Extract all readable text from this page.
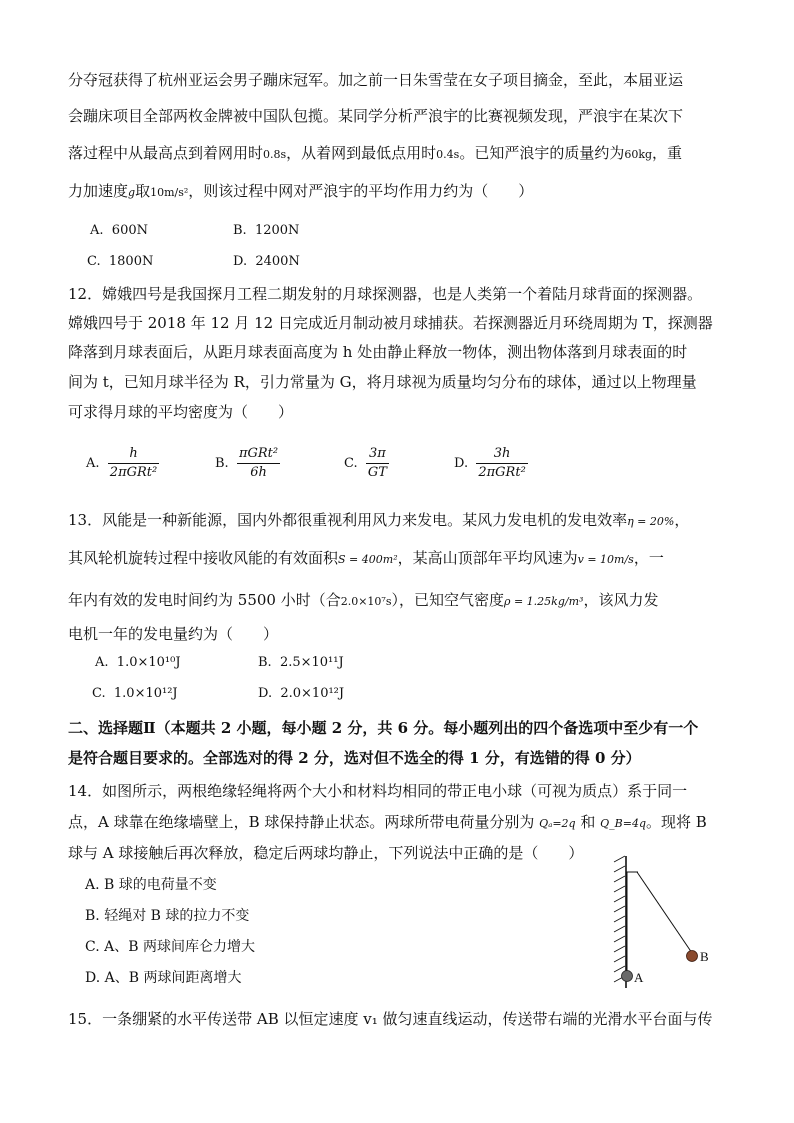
分夺冠获得了杭州亚运会男子蹦床冠军。加之前一日朱雪莹在女子项目摘金，至此，本届亚运
会蹦床项目全部两枚金牌被中国队包揽。某同学分析严浪宇的比赛视频发现，严浪宇在某次下
落过程中从最高点到着网用时0.8s，从着网到最低点用时0.4s。已知严浪宇的质量约为60kg，重
力加速度g取10m/s²，则该过程中网对严浪宇的平均作用力约为（　　）
A. 600N	B. 1200N
C. 1800N	D. 2400N
12．嫦娥四号是我国探月工程二期发射的月球探测器，也是人类第一个着陆月球背面的探测器。
嫦娥四号于 2018 年 12 月 12 日完成近月制动被月球捕获。若探测器近月环绕周期为 T，探测器
降落到月球表面后，从距月球表面高度为 h 处由静止释放一物体，测出物体落到月球表面的时
间为 t，已知月球半径为 R，引力常量为 G，将月球视为质量均匀分布的球体，通过以上物理量
可求得月球的平均密度为（　　）
A. $\frac{h}{\text{2πGRt²}}$	B. $\frac{\text{πGRt²}}{6h}$	C. $\frac{3\pi}{GT}$	D. $\frac{3h}{\text{2πGRt²}}$
13．风能是一种新能源，国内外都很重视利用风力来发电。某风力发电机的发电效率η = 20%，
其风轮机旋转过程中接收风能的有效面积S = 400m²，某高山顶部年平均风速为v = 10m/s，一
年内有效的发电时间约为 5500 小时（合2.0×10⁷s），已知空气密度ρ = 1.25kg/m³，该风力发
电机一年的发电量约为（　　）
A. 1.0×10¹⁰J	B. 2.5×10¹¹J
C. 1.0×10¹²J	D. 2.0×10¹²J
二、选择题Ⅱ（本题共 2 小题，每小题 2 分，共 6 分。每小题列出的四个备选项中至少有一个
是符合题目要求的。全部选对的得 2 分，选对但不选全的得 1 分，有选错的得 0 分）
14．如图所示，两根绝缘轻绳将两个大小和材料均相同的带正电小球（可视为质点）系于同一
点，A 球靠在绝缘墙壁上，B 球保持静止状态。两球所带电荷量分别为 Qₐ=2q 和 Q_B=4q。现将 B
球与 A 球接触后再次释放，稳定后两球均静止，下列说法中正确的是（　　）
A. B 球的电荷量不变
B. 轻绳对 B 球的拉力不变
C. A、B 两球间库仑力增大
D. A、B 两球间距离增大
B
A
15．一条绷紧的水平传送带 AB 以恒定速度 v₁ 做匀速直线运动，传送带右端的光滑水平台面与传
